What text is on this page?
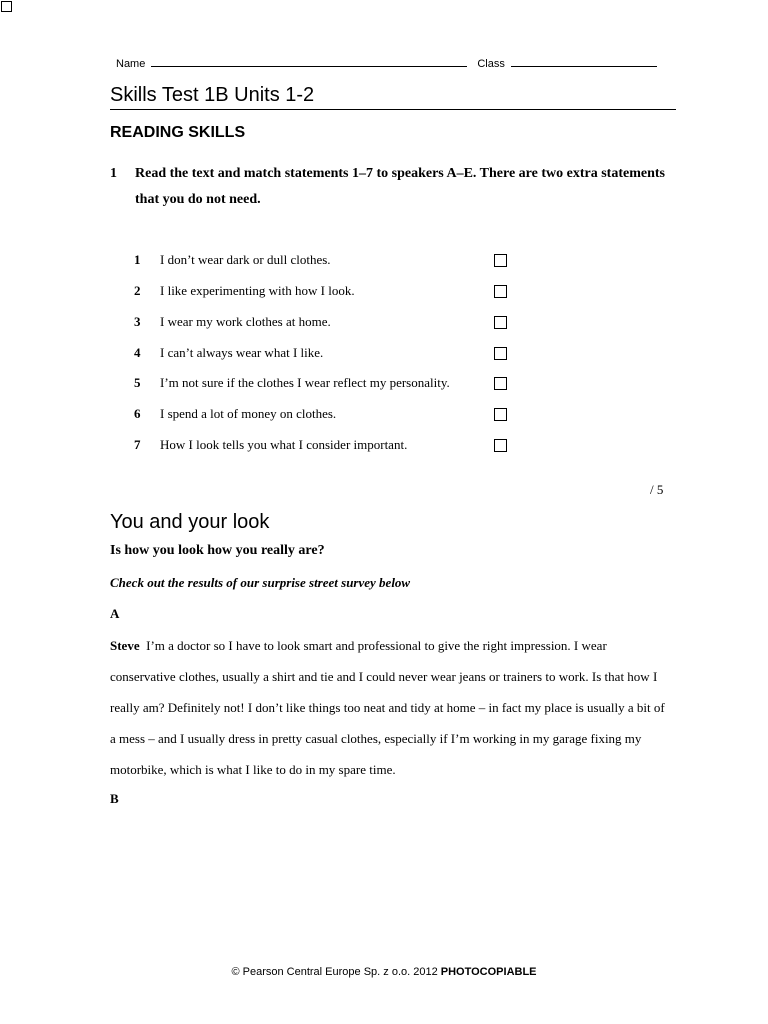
Name	Class
Skills Test 1B Units 1-2
READING SKILLS
1 Read the text and match statements 1–7 to speakers A–E. There are two extra statements that you do not need.
1 I don’t wear dark or dull clothes.
2 I like experimenting with how I look.
3 I wear my work clothes at home.
4 I can’t always wear what I like.
5 I’m not sure if the clothes I wear reflect my personality.
6 I spend a lot of money on clothes.
7 How I look tells you what I consider important.
/ 5
You and your look
Is how you look how you really are?
Check out the results of our surprise street survey below
A
Steve I’m a doctor so I have to look smart and professional to give the right impression. I wear conservative clothes, usually a shirt and tie and I could never wear jeans or trainers to work. Is that how I really am? Definitely not! I don’t like things too neat and tidy at home – in fact my place is usually a bit of a mess – and I usually dress in pretty casual clothes, especially if I’m working in my garage fixing my motorbike, which is what I like to do in my spare time.
B
© Pearson Central Europe Sp. z o.o. 2012 PHOTOCOPIABLE
